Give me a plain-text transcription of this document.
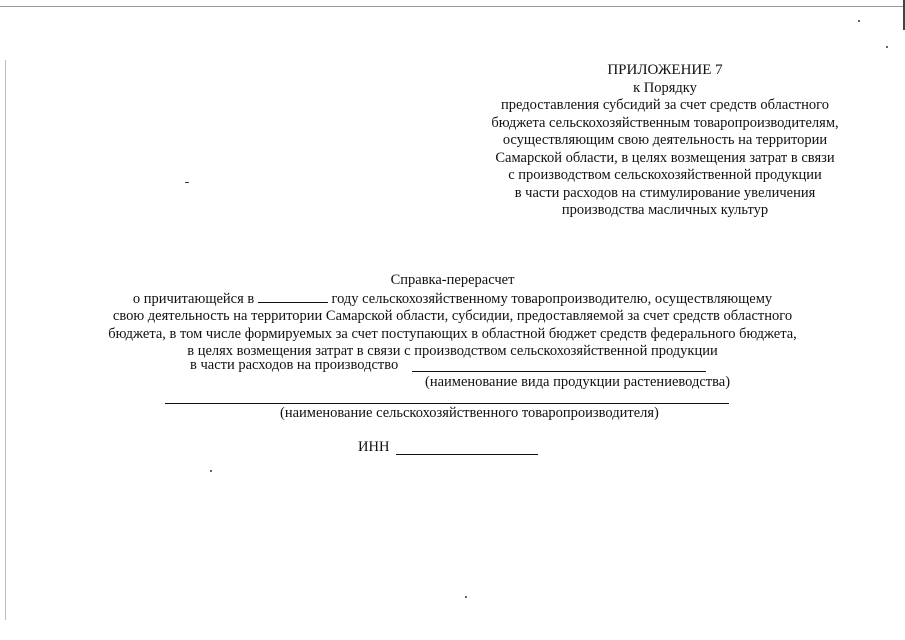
ПРИЛОЖЕНИЕ 7
к Порядку
предоставления субсидий за счет средств областного
бюджета сельскохозяйственным товаропроизводителям,
осуществляющим свою деятельность на территории
Самарской области, в целях возмещения затрат в связи
с производством сельскохозяйственной продукции
в части расходов на стимулирование увеличения
производства масличных культур
Справка-перерасчет
о причитающейся в	году сельскохозяйственному товаропроизводителю, осуществляющему
свою деятельность на территории Самарской области, субсидии, предоставляемой за счет средств областного
бюджета, в том числе формируемых за счет поступающих в областной бюджет средств федерального бюджета,
в целях возмещения затрат в связи с производством сельскохозяйственной продукции
в части расходов на производство
(наименование вида продукции растениеводства)
(наименование сельскохозяйственного товаропроизводителя)
ИНН
